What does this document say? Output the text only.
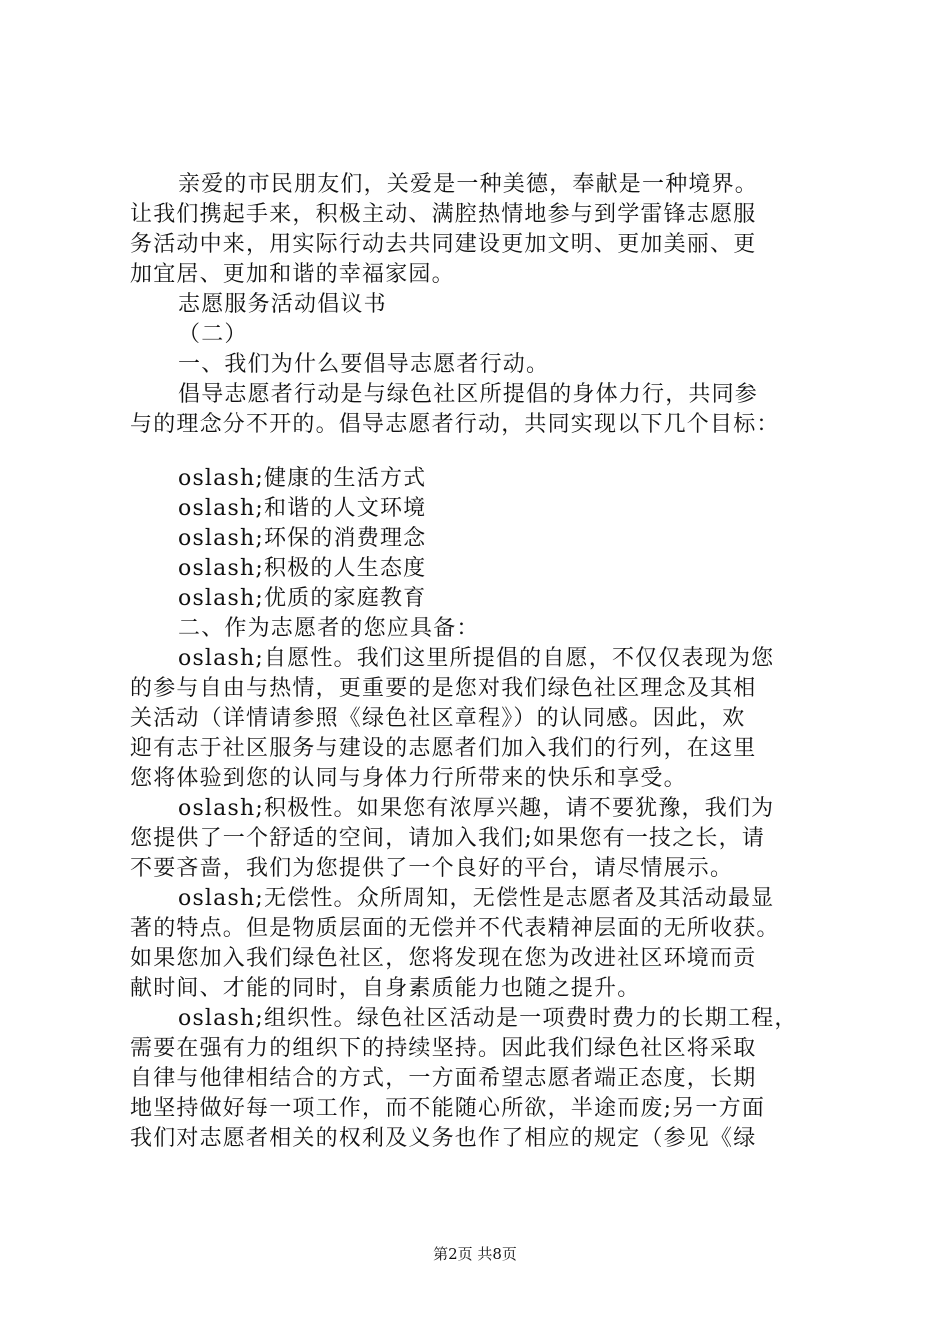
亲爱的市民朋友们，关爱是一种美德，奉献是一种境界。
让我们携起手来，积极主动、满腔热情地参与到学雷锋志愿服
务活动中来，用实际行动去共同建设更加文明、更加美丽、更
加宜居、更加和谐的幸福家园。
志愿服务活动倡议书
（二）
一、我们为什么要倡导志愿者行动。
倡导志愿者行动是与绿色社区所提倡的身体力行，共同参
与的理念分不开的。倡导志愿者行动，共同实现以下几个目标：
oslash;健康的生活方式
oslash;和谐的人文环境
oslash;环保的消费理念
oslash;积极的人生态度
oslash;优质的家庭教育
二、作为志愿者的您应具备：
oslash;自愿性。我们这里所提倡的自愿，不仅仅表现为您
的参与自由与热情，更重要的是您对我们绿色社区理念及其相
关活动（详情请参照《绿色社区章程》）的认同感。因此，欢
迎有志于社区服务与建设的志愿者们加入我们的行列，在这里
您将体验到您的认同与身体力行所带来的快乐和享受。
oslash;积极性。如果您有浓厚兴趣，请不要犹豫，我们为
您提供了一个舒适的空间，请加入我们;如果您有一技之长，请
不要吝啬，我们为您提供了一个良好的平台，请尽情展示。
oslash;无偿性。众所周知，无偿性是志愿者及其活动最显
著的特点。但是物质层面的无偿并不代表精神层面的无所收获。
如果您加入我们绿色社区，您将发现在您为改进社区环境而贡
献时间、才能的同时，自身素质能力也随之提升。
oslash;组织性。绿色社区活动是一项费时费力的长期工程，
需要在强有力的组织下的持续坚持。因此我们绿色社区将采取
自律与他律相结合的方式，一方面希望志愿者端正态度，长期
地坚持做好每一项工作，而不能随心所欲，半途而废;另一方面
我们对志愿者相关的权利及义务也作了相应的规定（参见《绿
第2页 共8页
